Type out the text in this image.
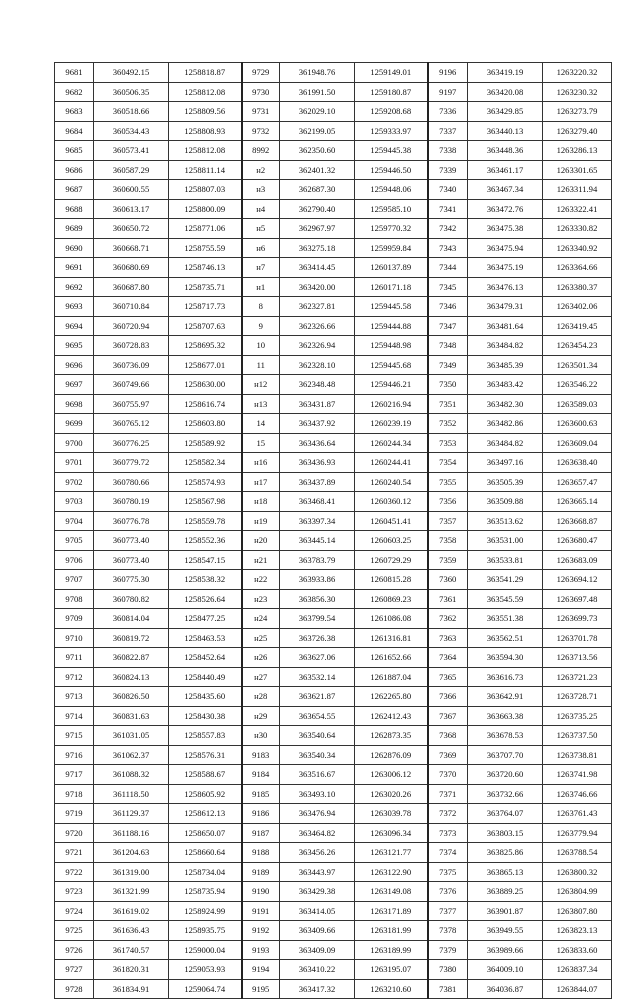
9681	360492.15	1258818.87	9729	361948.76	1259149.01	9196	363419.19	1263220.32
9682	360506.35	1258812.08	9730	361991.50	1259180.87	9197	363420.08	1263230.32
9683	360518.66	1258809.56	9731	362029.10	1259208.68	7336	363429.85	1263273.79
9684	360534.43	1258808.93	9732	362199.05	1259333.97	7337	363440.13	1263279.40
9685	360573.41	1258812.08	8992	362350.60	1259445.38	7338	363448.36	1263286.13
9686	360587.29	1258811.14	н2	362401.32	1259446.50	7339	363461.17	1263301.65
9687	360600.55	1258807.03	н3	362687.30	1259448.06	7340	363467.34	1263311.94
9688	360613.17	1258800.09	н4	362790.40	1259585.10	7341	363472.76	1263322.41
9689	360650.72	1258771.06	н5	362967.97	1259770.32	7342	363475.38	1263330.82
9690	360668.71	1258755.59	н6	363275.18	1259959.84	7343	363475.94	1263340.92
9691	360680.69	1258746.13	н7	363414.45	1260137.89	7344	363475.19	1263364.66
9692	360687.80	1258735.71	н1	363420.00	1260171.18	7345	363476.13	1263380.37
9693	360710.84	1258717.73	8	362327.81	1259445.58	7346	363479.31	1263402.06
9694	360720.94	1258707.63	9	362326.66	1259444.88	7347	363481.64	1263419.45
9695	360728.83	1258695.32	10	362326.94	1259448.98	7348	363484.82	1263454.23
9696	360736.09	1258677.01	11	362328.10	1259445.68	7349	363485.39	1263501.34
9697	360749.66	1258630.00	н12	362348.48	1259446.21	7350	363483.42	1263546.22
9698	360755.97	1258616.74	н13	363431.87	1260216.94	7351	363482.30	1263589.03
9699	360765.12	1258603.80	14	363437.92	1260239.19	7352	363482.86	1263600.63
9700	360776.25	1258589.92	15	363436.64	1260244.34	7353	363484.82	1263609.04
9701	360779.72	1258582.34	н16	363436.93	1260244.41	7354	363497.16	1263638.40
9702	360780.66	1258574.93	н17	363437.89	1260240.54	7355	363505.39	1263657.47
9703	360780.19	1258567.98	н18	363468.41	1260360.12	7356	363509.88	1263665.14
9704	360776.78	1258559.78	н19	363397.34	1260451.41	7357	363513.62	1263668.87
9705	360773.40	1258552.36	н20	363445.14	1260603.25	7358	363531.00	1263680.47
9706	360773.40	1258547.15	н21	363783.79	1260729.29	7359	363533.81	1263683.09
9707	360775.30	1258538.32	н22	363933.86	1260815.28	7360	363541.29	1263694.12
9708	360780.82	1258526.64	н23	363856.30	1260869.23	7361	363545.59	1263697.48
9709	360814.04	1258477.25	н24	363799.54	1261086.08	7362	363551.38	1263699.73
9710	360819.72	1258463.53	н25	363726.38	1261316.81	7363	363562.51	1263701.78
9711	360822.87	1258452.64	н26	363627.06	1261652.66	7364	363594.30	1263713.56
9712	360824.13	1258440.49	н27	363532.14	1261887.04	7365	363616.73	1263721.23
9713	360826.50	1258435.60	н28	363621.87	1262265.80	7366	363642.91	1263728.71
9714	360831.63	1258430.38	н29	363654.55	1262412.43	7367	363663.38	1263735.25
9715	361031.05	1258557.83	н30	363540.64	1262873.35	7368	363678.53	1263737.50
9716	361062.37	1258576.31	9183	363540.34	1262876.09	7369	363707.70	1263738.81
9717	361088.32	1258588.67	9184	363516.67	1263006.12	7370	363720.60	1263741.98
9718	361118.50	1258605.92	9185	363493.10	1263020.26	7371	363732.66	1263746.66
9719	361129.37	1258612.13	9186	363476.94	1263039.78	7372	363764.07	1263761.43
9720	361188.16	1258650.07	9187	363464.82	1263096.34	7373	363803.15	1263779.94
9721	361204.63	1258660.64	9188	363456.26	1263121.77	7374	363825.86	1263788.54
9722	361319.00	1258734.04	9189	363443.97	1263122.90	7375	363865.13	1263800.32
9723	361321.99	1258735.94	9190	363429.38	1263149.08	7376	363889.25	1263804.99
9724	361619.02	1258924.99	9191	363414.05	1263171.89	7377	363901.87	1263807.80
9725	361636.43	1258935.75	9192	363409.66	1263181.99	7378	363949.55	1263823.13
9726	361740.57	1259000.04	9193	363409.09	1263189.99	7379	363989.66	1263833.60
9727	361820.31	1259053.93	9194	363410.22	1263195.07	7380	364009.10	1263837.34
9728	361834.91	1259064.74	9195	363417.32	1263210.60	7381	364036.87	1263844.07
